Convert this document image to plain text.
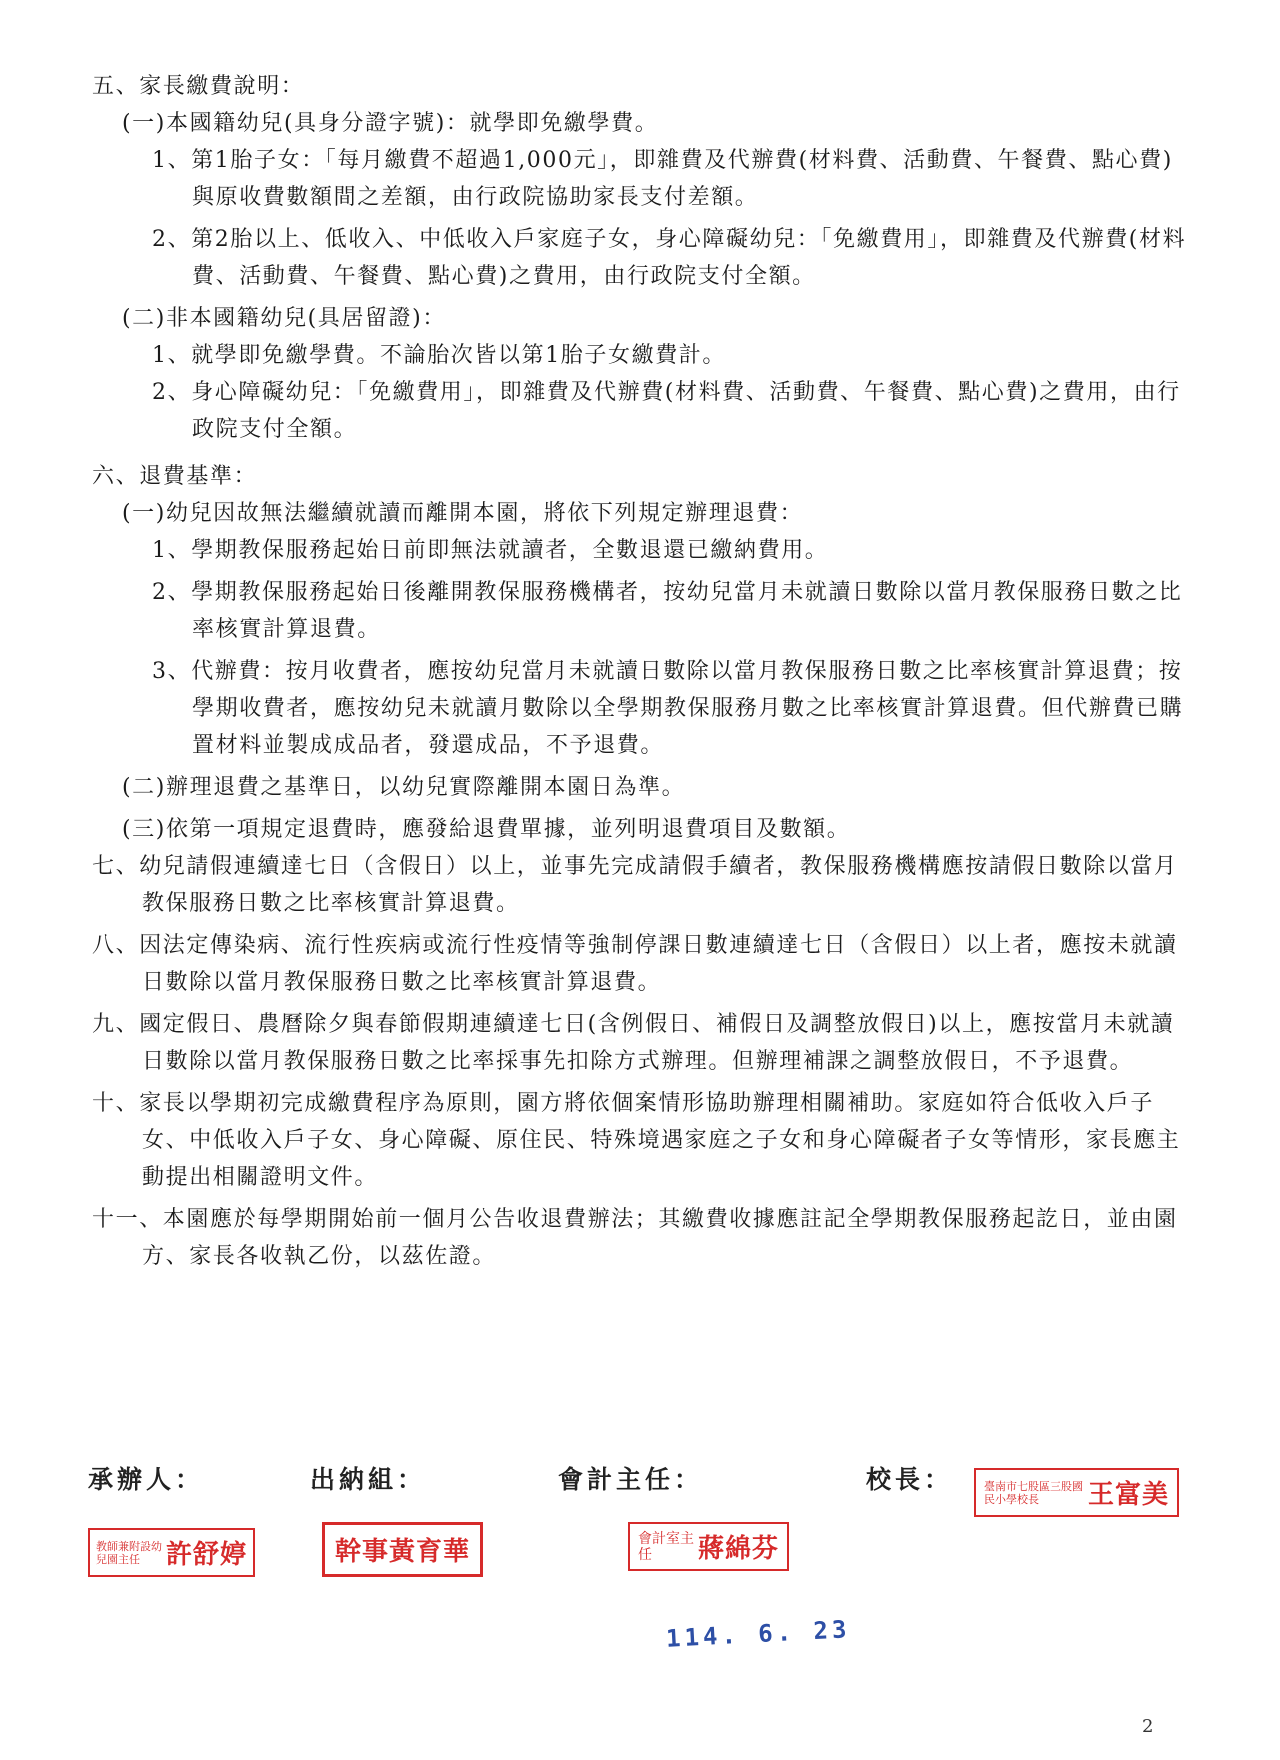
五、家長繳費說明：

(一)本國籍幼兒(具身分證字號)：就學即免繳學費。

1、第1胎子女：「每月繳費不超過1,000元」，即雜費及代辦費(材料費、活動費、午餐費、點心費)與原收費數額間之差額，由行政院協助家長支付差額。

2、第2胎以上、低收入、中低收入戶家庭子女，身心障礙幼兒：「免繳費用」，即雜費及代辦費(材料費、活動費、午餐費、點心費)之費用，由行政院支付全額。

(二)非本國籍幼兒(具居留證)：

1、就學即免繳學費。不論胎次皆以第1胎子女繳費計。

2、身心障礙幼兒：「免繳費用」，即雜費及代辦費(材料費、活動費、午餐費、點心費)之費用，由行政院支付全額。

六、退費基準：

(一)幼兒因故無法繼續就讀而離開本園，將依下列規定辦理退費：

1、學期教保服務起始日前即無法就讀者，全數退還已繳納費用。

2、學期教保服務起始日後離開教保服務機構者，按幼兒當月未就讀日數除以當月教保服務日數之比率核實計算退費。

3、代辦費：按月收費者，應按幼兒當月未就讀日數除以當月教保服務日數之比率核實計算退費；按學期收費者，應按幼兒未就讀月數除以全學期教保服務月數之比率核實計算退費。但代辦費已購置材料並製成成品者，發還成品，不予退費。

(二)辦理退費之基準日，以幼兒實際離開本園日為準。

(三)依第一項規定退費時，應發給退費單據，並列明退費項目及數額。

七、幼兒請假連續達七日（含假日）以上，並事先完成請假手續者，教保服務機構應按請假日數除以當月教保服務日數之比率核實計算退費。

八、因法定傳染病、流行性疾病或流行性疫情等強制停課日數連續達七日（含假日）以上者，應按未就讀日數除以當月教保服務日數之比率核實計算退費。

九、國定假日、農曆除夕與春節假期連續達七日(含例假日、補假日及調整放假日)以上，應按當月未就讀日數除以當月教保服務日數之比率採事先扣除方式辦理。但辦理補課之調整放假日，不予退費。

十、家長以學期初完成繳費程序為原則，園方將依個案情形協助辦理相關補助。家庭如符合低收入戶子女、中低收入戶子女、身心障礙、原住民、特殊境遇家庭之子女和身心障礙者子女等情形，家長應主動提出相關證明文件。

十一、本園應於每學期開始前一個月公告收退費辦法；其繳費收據應註記全學期教保服務起訖日，並由園方、家長各收執乙份，以茲佐證。

承辦人：	出納組：	會計主任：	校長：
教師兼附設幼兒園主任	許舒婷	幹事黃育華	會計室主任	蔣綿芬
臺南市七股區三股國民小學校長	王富美
114. 6. 23
2
